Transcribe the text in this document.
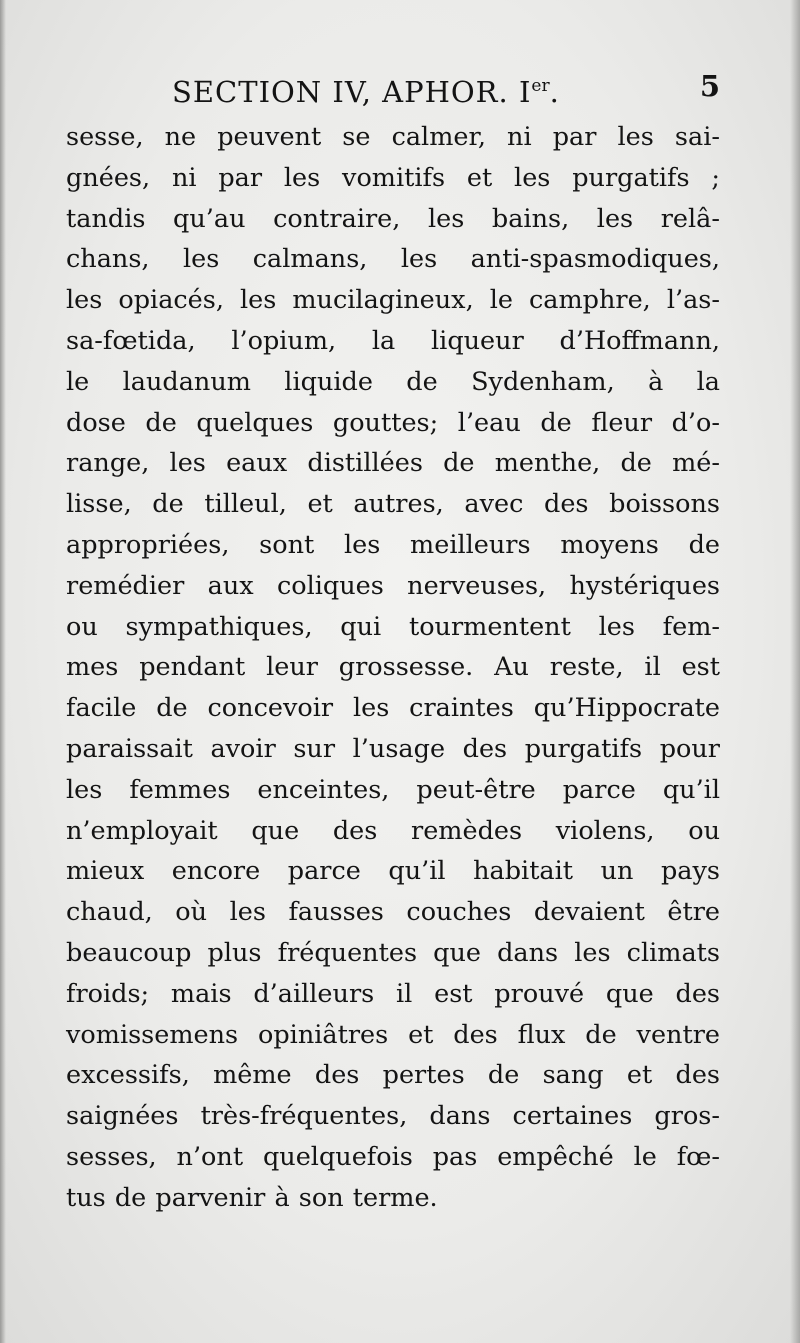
SECTION IV, APHOR. Ier.	5
sesse, ne peuvent se calmer, ni par les sai-
gnées, ni par les vomitifs et les purgatifs ;
tandis qu’au contraire, les bains, les relâ-
chans, les calmans, les anti-spasmodiques,
les opiacés, les mucilagineux, le camphre, l’as-
sa-fœtida, l’opium, la liqueur d’Hoffmann,
le laudanum liquide de Sydenham, à la
dose de quelques gouttes; l’eau de fleur d’o-
range, les eaux distillées de menthe, de mé-
lisse, de tilleul, et autres, avec des boissons
appropriées, sont les meilleurs moyens de
remédier aux coliques nerveuses, hystériques
ou sympathiques, qui tourmentent les fem-
mes pendant leur grossesse. Au reste, il est
facile de concevoir les craintes qu’Hippocrate
paraissait avoir sur l’usage des purgatifs pour
les femmes enceintes, peut-être parce qu’il
n’employait que des remèdes violens, ou
mieux encore parce qu’il habitait un pays
chaud, où les fausses couches devaient être
beaucoup plus fréquentes que dans les climats
froids; mais d’ailleurs il est prouvé que des
vomissemens opiniâtres et des flux de ventre
excessifs, même des pertes de sang et des
saignées très-fréquentes, dans certaines gros-
sesses, n’ont quelquefois pas empêché le fœ-
tus de parvenir à son terme.
